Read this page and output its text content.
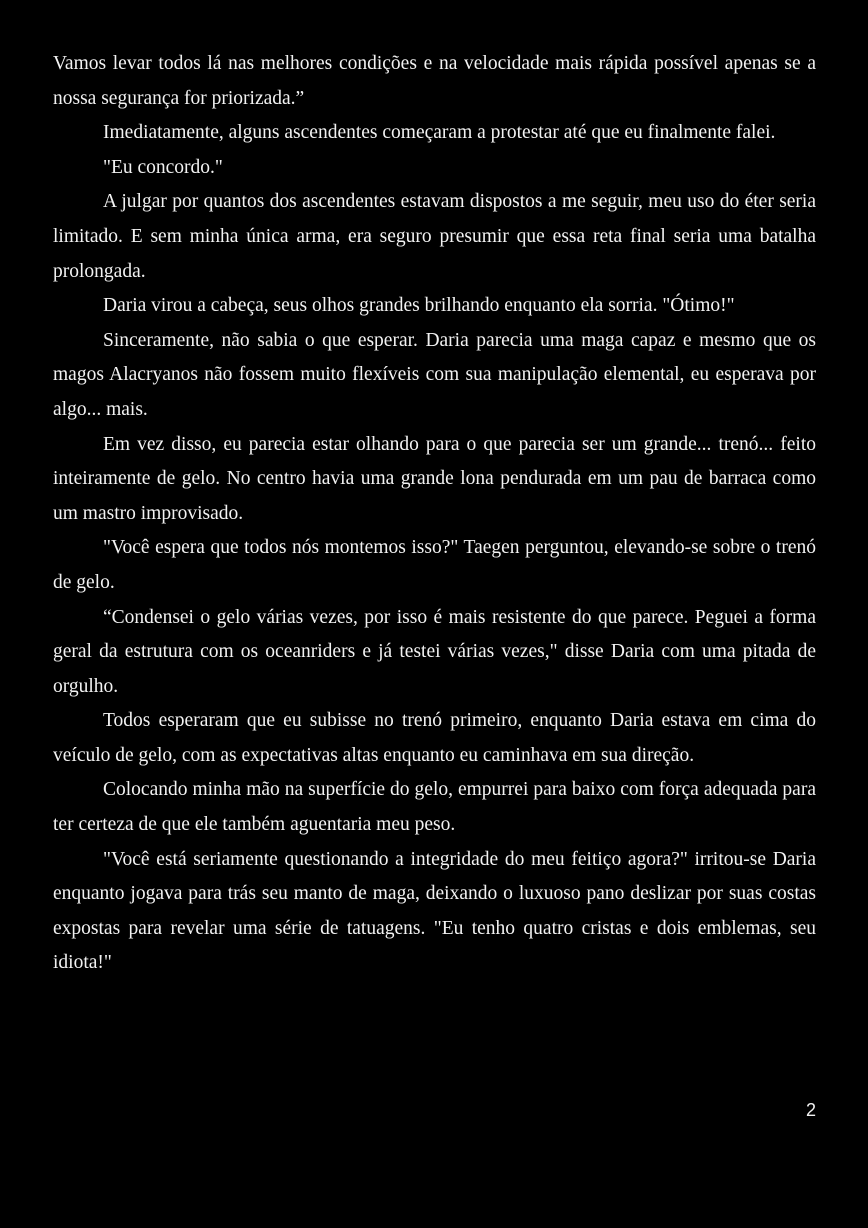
Vamos levar todos lá nas melhores condições e na velocidade mais rápida possível apenas se a nossa segurança for priorizada.”

Imediatamente, alguns ascendentes começaram a protestar até que eu finalmente falei.

"Eu concordo."

A julgar por quantos dos ascendentes estavam dispostos a me seguir, meu uso do éter seria limitado. E sem minha única arma, era seguro presumir que essa reta final seria uma batalha prolongada.

Daria virou a cabeça, seus olhos grandes brilhando enquanto ela sorria. "Ótimo!"

Sinceramente, não sabia o que esperar. Daria parecia uma maga capaz e mesmo que os magos Alacryanos não fossem muito flexíveis com sua manipulação elemental, eu esperava por algo... mais.

Em vez disso, eu parecia estar olhando para o que parecia ser um grande... trenó... feito inteiramente de gelo. No centro havia uma grande lona pendurada em um pau de barraca como um mastro improvisado.

"Você espera que todos nós montemos isso?" Taegen perguntou, elevando-se sobre o trenó de gelo.

“Condensei o gelo várias vezes, por isso é mais resistente do que parece. Peguei a forma geral da estrutura com os oceanriders e já testei várias vezes," disse Daria com uma pitada de orgulho.

Todos esperaram que eu subisse no trenó primeiro, enquanto Daria estava em cima do veículo de gelo, com as expectativas altas enquanto eu caminhava em sua direção.

Colocando minha mão na superfície do gelo, empurrei para baixo com força adequada para ter certeza de que ele também aguentaria meu peso.

"Você está seriamente questionando a integridade do meu feitiço agora?" irritou-se Daria enquanto jogava para trás seu manto de maga, deixando o luxuoso pano deslizar por suas costas expostas para revelar uma série de tatuagens. "Eu tenho quatro cristas e dois emblemas, seu idiota!"

2
